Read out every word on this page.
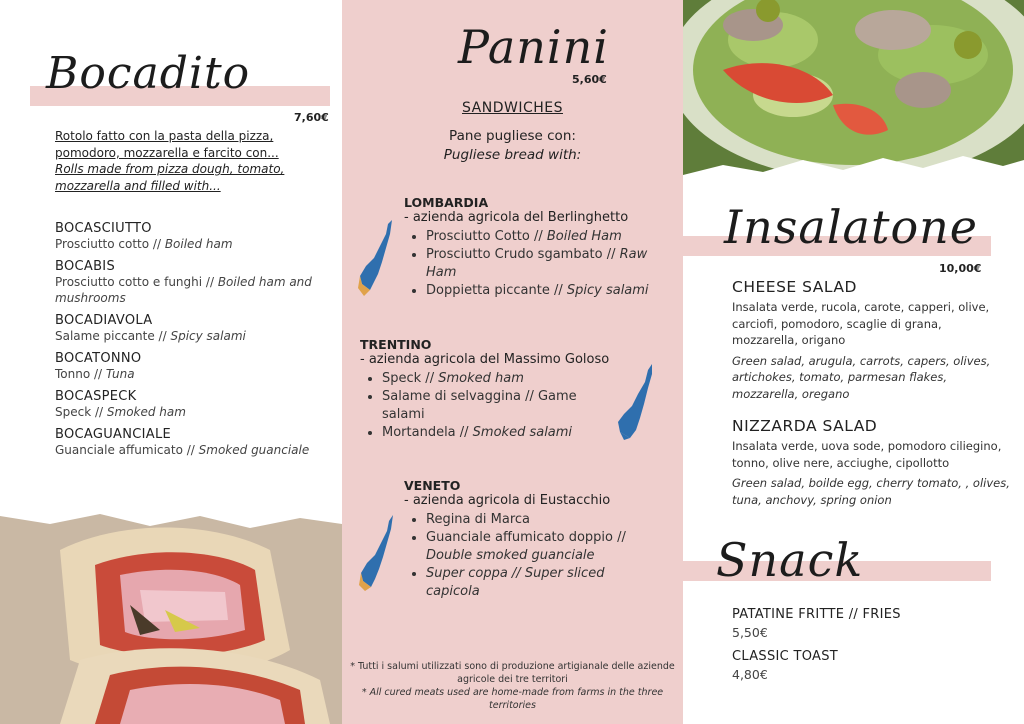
Bocadito
7,60€
Rotolo fatto con la pasta della pizza, pomodoro, mozzarella e farcito con...
Rolls made from pizza dough, tomato, mozzarella and filled with...
BOCASCIUTTO
Prosciutto cotto // Boiled ham
BOCABIS
Prosciutto cotto e funghi // Boiled ham and mushrooms
BOCADIAVOLA
Salame piccante // Spicy salami
BOCATONNO
Tonno // Tuna
BOCASPECK
Speck // Smoked ham
BOCAGUANCIALE
Guanciale affumicato // Smoked guanciale
Panini
5,60€
SANDWICHES
Pane pugliese con:
Pugliese bread with:
LOMBARDIA
- azienda agricola del Berlinghetto
• Prosciutto Cotto // Boiled Ham
• Prosciutto Crudo sgambato // Raw Ham
• Doppietta piccante // Spicy salami
TRENTINO
- azienda agricola del Massimo Goloso
• Speck // Smoked ham
• Salame di selvaggina // Game salami
• Mortandela // Smoked salami
VENETO
- azienda agricola di Eustacchio
• Regina di Marca
• Guanciale affumicato doppio // Double smoked guanciale
• Super coppa // Super sliced capicola
* Tutti i salumi utilizzati sono di produzione artigianale delle aziende agricole dei tre territori
* All cured meats used are home-made from farms in the three territories
Insalatone
10,00€
CHEESE SALAD

Insalata verde, rucola, carote, capperi, olive, carciofi, pomodoro, scaglie di grana, mozzarella, origano

Green salad, arugula, carrots, capers, olives, artichokes, tomato, parmesan flakes, mozzarella, oregano

NIZZARDA SALAD

Insalata verde, uova sode, pomodoro ciliegino, tonno, olive nere, acciughe, cipollotto

Green salad, boilde egg, cherry tomato, , olives, tuna, anchovy, spring onion

Snack
PATATINE FRITTE // FRIES
5,50€
CLASSIC TOAST
4,80€
